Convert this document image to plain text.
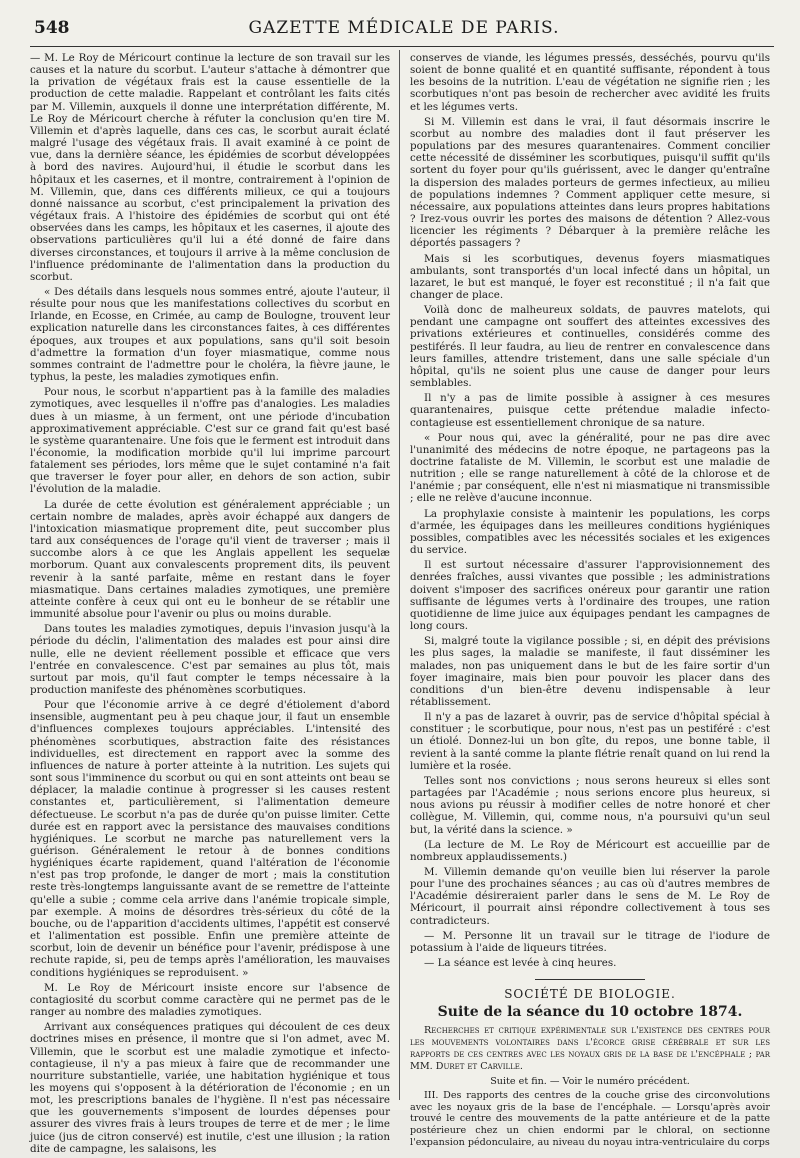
548	GAZETTE MÉDICALE DE PARIS.

— M. Le Roy de Méricourt continue la lecture de son travail sur les causes et la nature du scorbut. L'auteur s'attache à démontrer que la privation de végétaux frais est la cause essentielle de la production de cette maladie. Rappelant et contrôlant les faits cités par M. Villemin, auxquels il donne une interprétation différente, M. Le Roy de Méricourt cherche à réfuter la conclusion qu'en tire M. Villemin et d'après laquelle, dans ces cas, le scorbut aurait éclaté malgré l'usage des végétaux frais. Il avait examiné à ce point de vue, dans la dernière séance, les épidémies de scorbut développées à bord des navires. Aujourd'hui, il étudie le scorbut dans les hôpitaux et les casernes, et il montre, contrairement à l'opinion de M. Villemin, que, dans ces différents milieux, ce qui a toujours donné naissance au scorbut, c'est principalement la privation des végétaux frais. A l'histoire des épidémies de scorbut qui ont été observées dans les camps, les hôpitaux et les casernes, il ajoute des observations particulières qu'il lui a été donné de faire dans diverses circonstances, et toujours il arrive à la même conclusion de l'influence prédominante de l'alimentation dans la production du scorbut.

« Des détails dans lesquels nous sommes entré, ajoute l'auteur, il résulte pour nous que les manifestations collectives du scorbut en Irlande, en Ecosse, en Crimée, au camp de Boulogne, trouvent leur explication naturelle dans les circonstances faites, à ces différentes époques, aux troupes et aux populations, sans qu'il soit besoin d'admettre la formation d'un foyer miasmatique, comme nous sommes contraint de l'admettre pour le choléra, la fièvre jaune, le typhus, la peste, les maladies zymotiques enfin.

Pour nous, le scorbut n'appartient pas à la famille des maladies zymotiques, avec lesquelles il n'offre pas d'analogies. Les maladies dues à un miasme, à un ferment, ont une période d'incubation approximativement appréciable. C'est sur ce grand fait qu'est basé le système quarantenaire. Une fois que le ferment est introduit dans l'économie, la modification morbide qu'il lui imprime parcourt fatalement ses périodes, lors même que le sujet contaminé n'a fait que traverser le foyer pour aller, en dehors de son action, subir l'évolution de la maladie.

La durée de cette évolution est généralement appréciable ; un certain nombre de malades, après avoir échappé aux dangers de l'intoxication miasmatique proprement dite, peut succomber plus tard aux conséquences de l'orage qu'il vient de traverser ; mais il succombe alors à ce que les Anglais appellent les sequelæ morborum. Quant aux convalescents proprement dits, ils peuvent revenir à la santé parfaite, même en restant dans le foyer miasmatique. Dans certaines maladies zymotiques, une première atteinte confère à ceux qui ont eu le bonheur de se rétablir une immunité absolue pour l'avenir ou plus ou moins durable.

Dans toutes les maladies zymotiques, depuis l'invasion jusqu'à la période du déclin, l'alimentation des malades est pour ainsi dire nulle, elle ne devient réellement possible et efficace que vers l'entrée en convalescence. C'est par semaines au plus tôt, mais surtout par mois, qu'il faut compter le temps nécessaire à la production manifeste des phénomènes scorbutiques.

Pour que l'économie arrive à ce degré d'étiolement d'abord insensible, augmentant peu à peu chaque jour, il faut un ensemble d'influences complexes toujours appréciables. L'intensité des phénomènes scorbutiques, abstraction faite des résistances individuelles, est directement en rapport avec la somme des influences de nature à porter atteinte à la nutrition. Les sujets qui sont sous l'imminence du scorbut ou qui en sont atteints ont beau se déplacer, la maladie continue à progresser si les causes restent constantes et, particulièrement, si l'alimentation demeure défectueuse. Le scorbut n'a pas de durée qu'on puisse limiter. Cette durée est en rapport avec la persistance des mauvaises conditions hygiéniques. Le scorbut ne marche pas naturellement vers la guérison. Généralement le retour à de bonnes conditions hygiéniques écarte rapidement, quand l'altération de l'économie n'est pas trop profonde, le danger de mort ; mais la constitution reste très-longtemps languissante avant de se remettre de l'atteinte qu'elle a subie ; comme cela arrive dans l'anémie tropicale simple, par exemple. A moins de désordres très-sérieux du côté de la bouche, ou de l'apparition d'accidents ultimes, l'appétit est conservé et l'alimentation est possible. Enfin une première atteinte de scorbut, loin de devenir un bénéfice pour l'avenir, prédispose à une rechute rapide, si, peu de temps après l'amélioration, les mauvaises conditions hygiéniques se reproduisent. »

M. Le Roy de Méricourt insiste encore sur l'absence de contagiosité du scorbut comme caractère qui ne permet pas de le ranger au nombre des maladies zymotiques.

Arrivant aux conséquences pratiques qui découlent de ces deux doctrines mises en présence, il montre que si l'on admet, avec M. Villemin, que le scorbut est une maladie zymotique et infecto-contagieuse, il n'y a pas mieux à faire que de recommander une nourriture substantielle, variée, une habitation hygiénique et tous les moyens qui s'opposent à la détérioration de l'économie ; en un mot, les prescriptions banales de l'hygiène. Il n'est pas nécessaire que les gouvernements s'imposent de lourdes dépenses pour assurer des vivres frais à leurs troupes de terre et de mer ; le lime juice (jus de citron conservé) est inutile, c'est une illusion ; la ration dite de campagne, les salaisons, les

conserves de viande, les légumes pressés, desséchés, pourvu qu'ils soient de bonne qualité et en quantité suffisante, répondent à tous les besoins de la nutrition. L'eau de végétation ne signifie rien ; les scorbutiques n'ont pas besoin de rechercher avec avidité les fruits et les légumes verts.

Si M. Villemin est dans le vrai, il faut désormais inscrire le scorbut au nombre des maladies dont il faut préserver les populations par des mesures quarantenaires. Comment concilier cette nécessité de disséminer les scorbutiques, puisqu'il suffit qu'ils sortent du foyer pour qu'ils guérissent, avec le danger qu'entraîne la dispersion des malades porteurs de germes infectieux, au milieu de populations indemnes ? Comment appliquer cette mesure, si nécessaire, aux populations atteintes dans leurs propres habitations ? Irez-vous ouvrir les portes des maisons de détention ? Allez-vous licencier les régiments ? Débarquer à la première relâche les déportés passagers ?

Mais si les scorbutiques, devenus foyers miasmatiques ambulants, sont transportés d'un local infecté dans un hôpital, un lazaret, le but est manqué, le foyer est reconstitué ; il n'a fait que changer de place.

Voilà donc de malheureux soldats, de pauvres matelots, qui pendant une campagne ont souffert des atteintes excessives des privations extérieures et continuelles, considérés comme des pestiférés. Il leur faudra, au lieu de rentrer en convalescence dans leurs familles, attendre tristement, dans une salle spéciale d'un hôpital, qu'ils ne soient plus une cause de danger pour leurs semblables.

Il n'y a pas de limite possible à assigner à ces mesures quarantenaires, puisque cette prétendue maladie infecto-contagieuse est essentiellement chronique de sa nature.

« Pour nous qui, avec la généralité, pour ne pas dire avec l'unanimité des médecins de notre époque, ne partageons pas la doctrine fataliste de M. Villemin, le scorbut est une maladie de nutrition ; elle se range naturellement à côté de la chlorose et de l'anémie ; par conséquent, elle n'est ni miasmatique ni transmissible ; elle ne relève d'aucune inconnue.

La prophylaxie consiste à maintenir les populations, les corps d'armée, les équipages dans les meilleures conditions hygiéniques possibles, compatibles avec les nécessités sociales et les exigences du service.

Il est surtout nécessaire d'assurer l'approvisionnement des denrées fraîches, aussi vivantes que possible ; les administrations doivent s'imposer des sacrifices onéreux pour garantir une ration suffisante de légumes verts à l'ordinaire des troupes, une ration quotidienne de lime juice aux équipages pendant les campagnes de long cours.

Si, malgré toute la vigilance possible ; si, en dépit des prévisions les plus sages, la maladie se manifeste, il faut disséminer les malades, non pas uniquement dans le but de les faire sortir d'un foyer imaginaire, mais bien pour pouvoir les placer dans des conditions d'un bien-être devenu indispensable à leur rétablissement.

Il n'y a pas de lazaret à ouvrir, pas de service d'hôpital spécial à constituer ; le scorbutique, pour nous, n'est pas un pestiféré : c'est un étiolé. Donnez-lui un bon gîte, du repos, une bonne table, il revient à la santé comme la plante flétrie renaît quand on lui rend la lumière et la rosée.

Telles sont nos convictions ; nous serons heureux si elles sont partagées par l'Académie ; nous serions encore plus heureux, si nous avions pu réussir à modifier celles de notre honoré et cher collègue, M. Villemin, qui, comme nous, n'a poursuivi qu'un seul but, la vérité dans la science. »

(La lecture de M. Le Roy de Méricourt est accueillie par de nombreux applaudissements.)

M. Villemin demande qu'on veuille bien lui réserver la parole pour l'une des prochaines séances ; au cas où d'autres membres de l'Académie désireraient parler dans le sens de M. Le Roy de Méricourt, il pourrait ainsi répondre collectivement à tous ses contradicteurs.

— M. Personne lit un travail sur le titrage de l'iodure de potassium à l'aide de liqueurs titrées.

— La séance est levée à cinq heures.

SOCIÉTÉ DE BIOLOGIE.
Suite de la séance du 10 octobre 1874.

Recherches et critique expérimentale sur l'existence des centres pour les mouvements volontaires dans l'écorce grise cérébrale et sur les rapports de ces centres avec les noyaux gris de la base de l'encéphale ; par MM. Duret et Carville.

Suite et fin. — Voir le numéro précédent.

III. Des rapports des centres de la couche grise des circonvolutions avec les noyaux gris de la base de l'encéphale. — Lorsqu'après avoir trouvé le centre des mouvements de la patte antérieure et de la patte postérieure chez un chien endormi par le chloral, on sectionne l'expansion pédonculaire, au niveau du noyau intra-ventriculaire du corps
